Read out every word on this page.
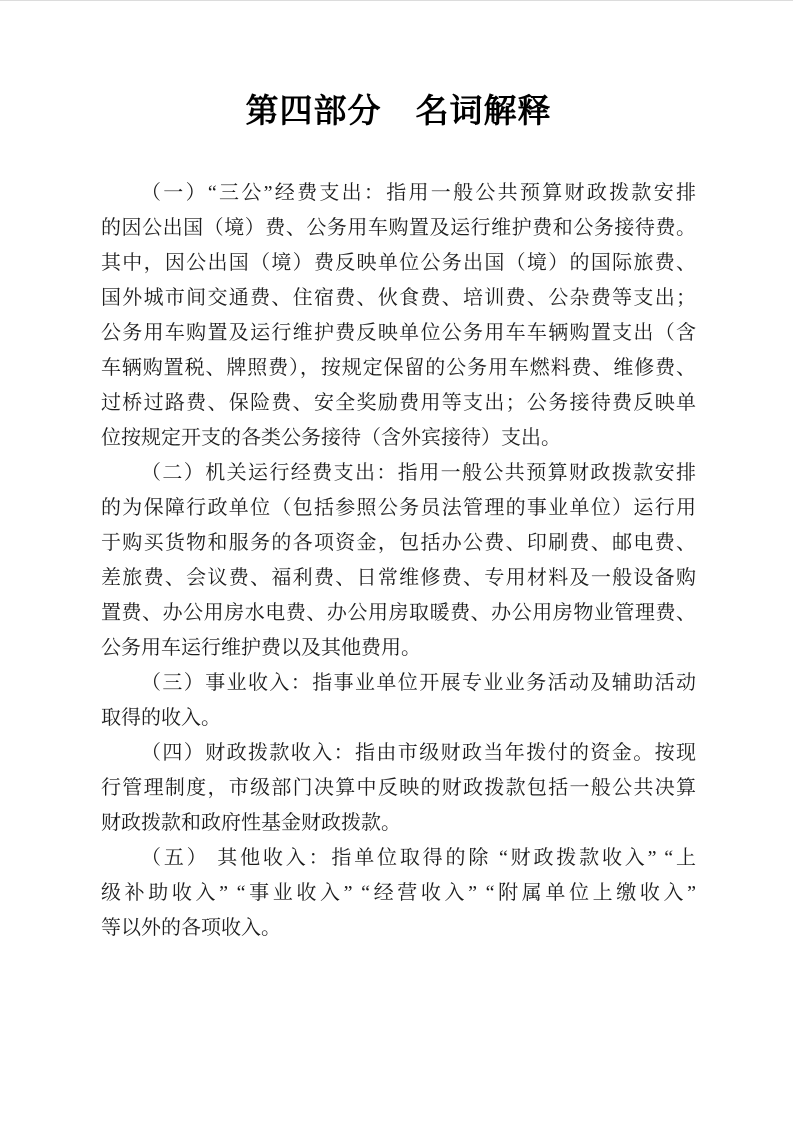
第四部分　名词解释
（一）“三公”经费支出：指用一般公共预算财政拨款安排
的因公出国（境）费、公务用车购置及运行维护费和公务接待费。
其中，因公出国（境）费反映单位公务出国（境）的国际旅费、
国外城市间交通费、住宿费、伙食费、培训费、公杂费等支出；
公务用车购置及运行维护费反映单位公务用车车辆购置支出（含
车辆购置税、牌照费），按规定保留的公务用车燃料费、维修费、
过桥过路费、保险费、安全奖励费用等支出；公务接待费反映单
位按规定开支的各类公务接待（含外宾接待）支出。
（二）机关运行经费支出：指用一般公共预算财政拨款安排
的为保障行政单位（包括参照公务员法管理的事业单位）运行用
于购买货物和服务的各项资金，包括办公费、印刷费、邮电费、
差旅费、会议费、福利费、日常维修费、专用材料及一般设备购
置费、办公用房水电费、办公用房取暖费、办公用房物业管理费、
公务用车运行维护费以及其他费用。
（三）事业收入：指事业单位开展专业业务活动及辅助活动
取得的收入。
（四）财政拨款收入：指由市级财政当年拨付的资金。按现
行管理制度，市级部门决算中反映的财政拨款包括一般公共决算
财政拨款和政府性基金财政拨款。
（五） 其他收入：指单位取得的除 “财政拨款收入” “上
级补助收入” “事业收入” “经营收入” “附属单位上缴收入”
等以外的各项收入。
